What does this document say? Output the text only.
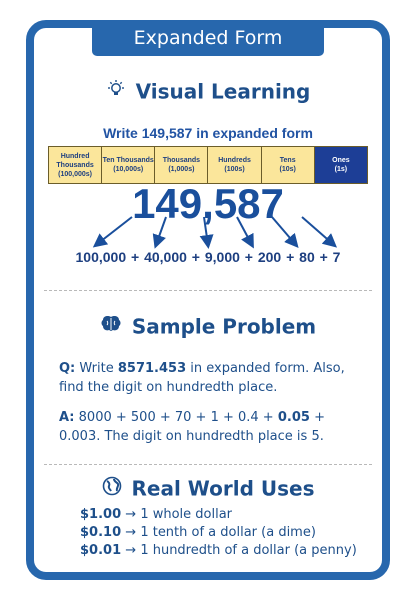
Expanded Form
Visual Learning
Write 149,587 in expanded form
Hundred
Thousands
(100,000s)

Ten Thousands
(10,000s)

Thousands
(1,000s)

Hundreds
(100s)

Tens
(10s)

Ones
(1s)
149,587
100,000 + 40,000 + 9,000 + 200 + 80 + 7
Sample Problem
Q: Write 8571.453 in expanded form. Also, find the digit on hundredth place.
A: 8000 + 500 + 70 + 1 + 0.4 + 0.05 + 0.003. The digit on hundredth place is 5.
Real World Uses
$1.00 → 1 whole dollar
$0.10 → 1 tenth of a dollar (a dime)
$0.01 → 1 hundredth of a dollar (a penny)
